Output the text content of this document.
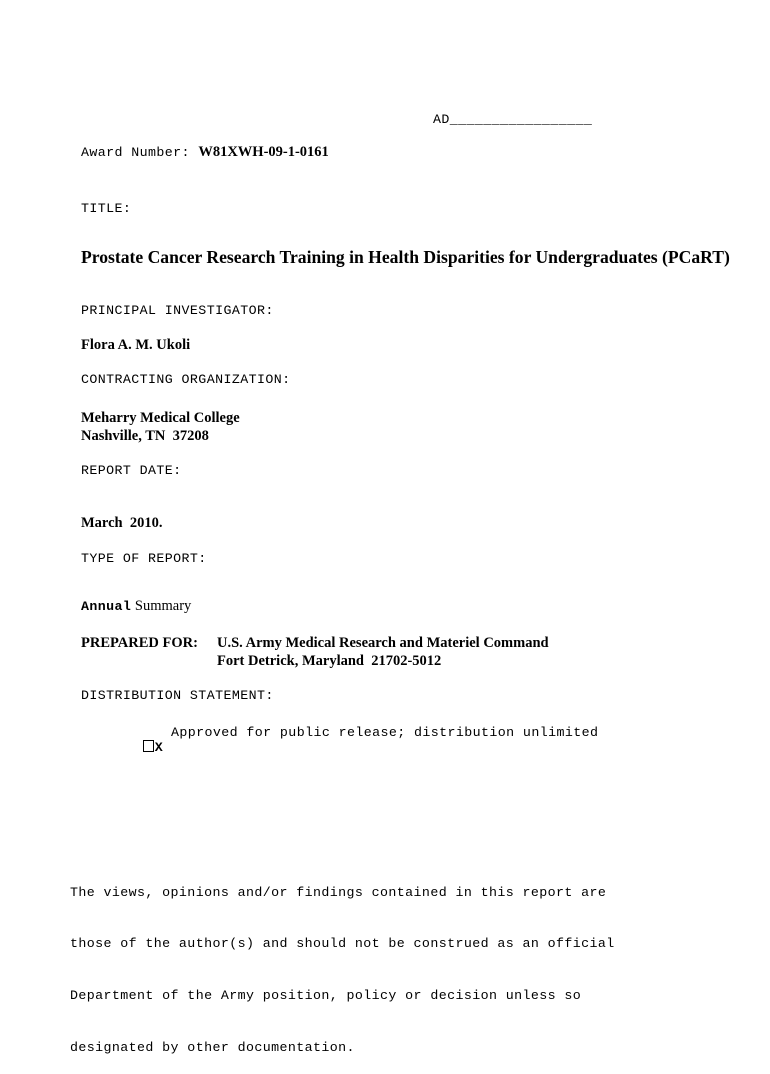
AD_________________
Award Number: W81XWH-09-1-0161
TITLE:
Prostate Cancer Research Training in Health Disparities for Undergraduates (PCaRT)
PRINCIPAL INVESTIGATOR:
Flora A. M. Ukoli
CONTRACTING ORGANIZATION:
Meharry Medical College
Nashville, TN  37208
REPORT DATE:
March  2010.
TYPE OF REPORT:
Annual Summary
PREPARED FOR: U.S. Army Medical Research and Materiel Command
Fort Detrick, Maryland  21702-5012
DISTRIBUTION STATEMENT:

X

Approved for public release; distribution unlimited

The views, opinions and/or findings contained in this report are

those of the author(s) and should not be construed as an official

Department of the Army position, policy or decision unless so

designated by other documentation.
